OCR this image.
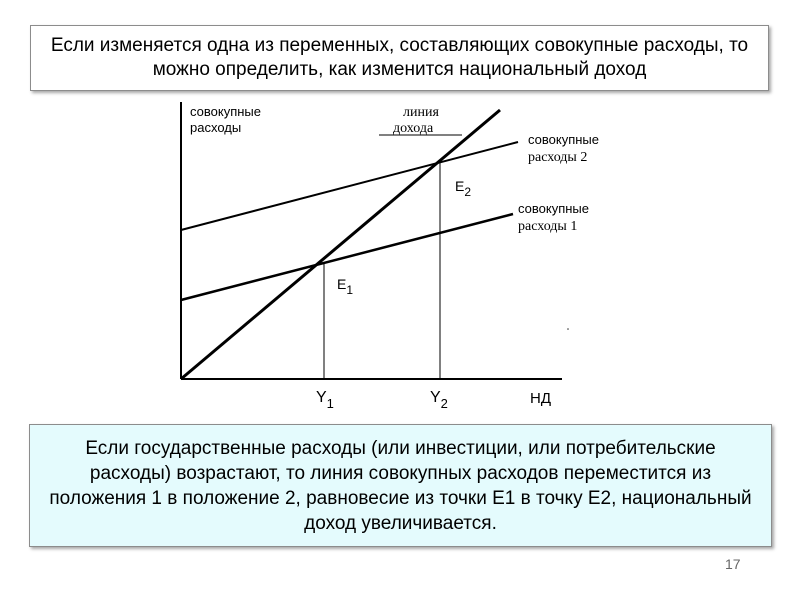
Если изменяется одна из переменных, составляющих совокупные расходы, то можно определить, как изменится национальный доход
совокупные
расходы
линия
дохода
совокупные
расходы 2
совокупные
расходы 1
E2
E1
$Y_1$	$Y_2$	НД
Если государственные расходы (или инвестиции, или потребительские расходы) возрастают, то линия совокупных расходов переместится из положения 1 в положение 2, равновесие из точки Е1 в точку Е2, национальный доход увеличивается.
17
